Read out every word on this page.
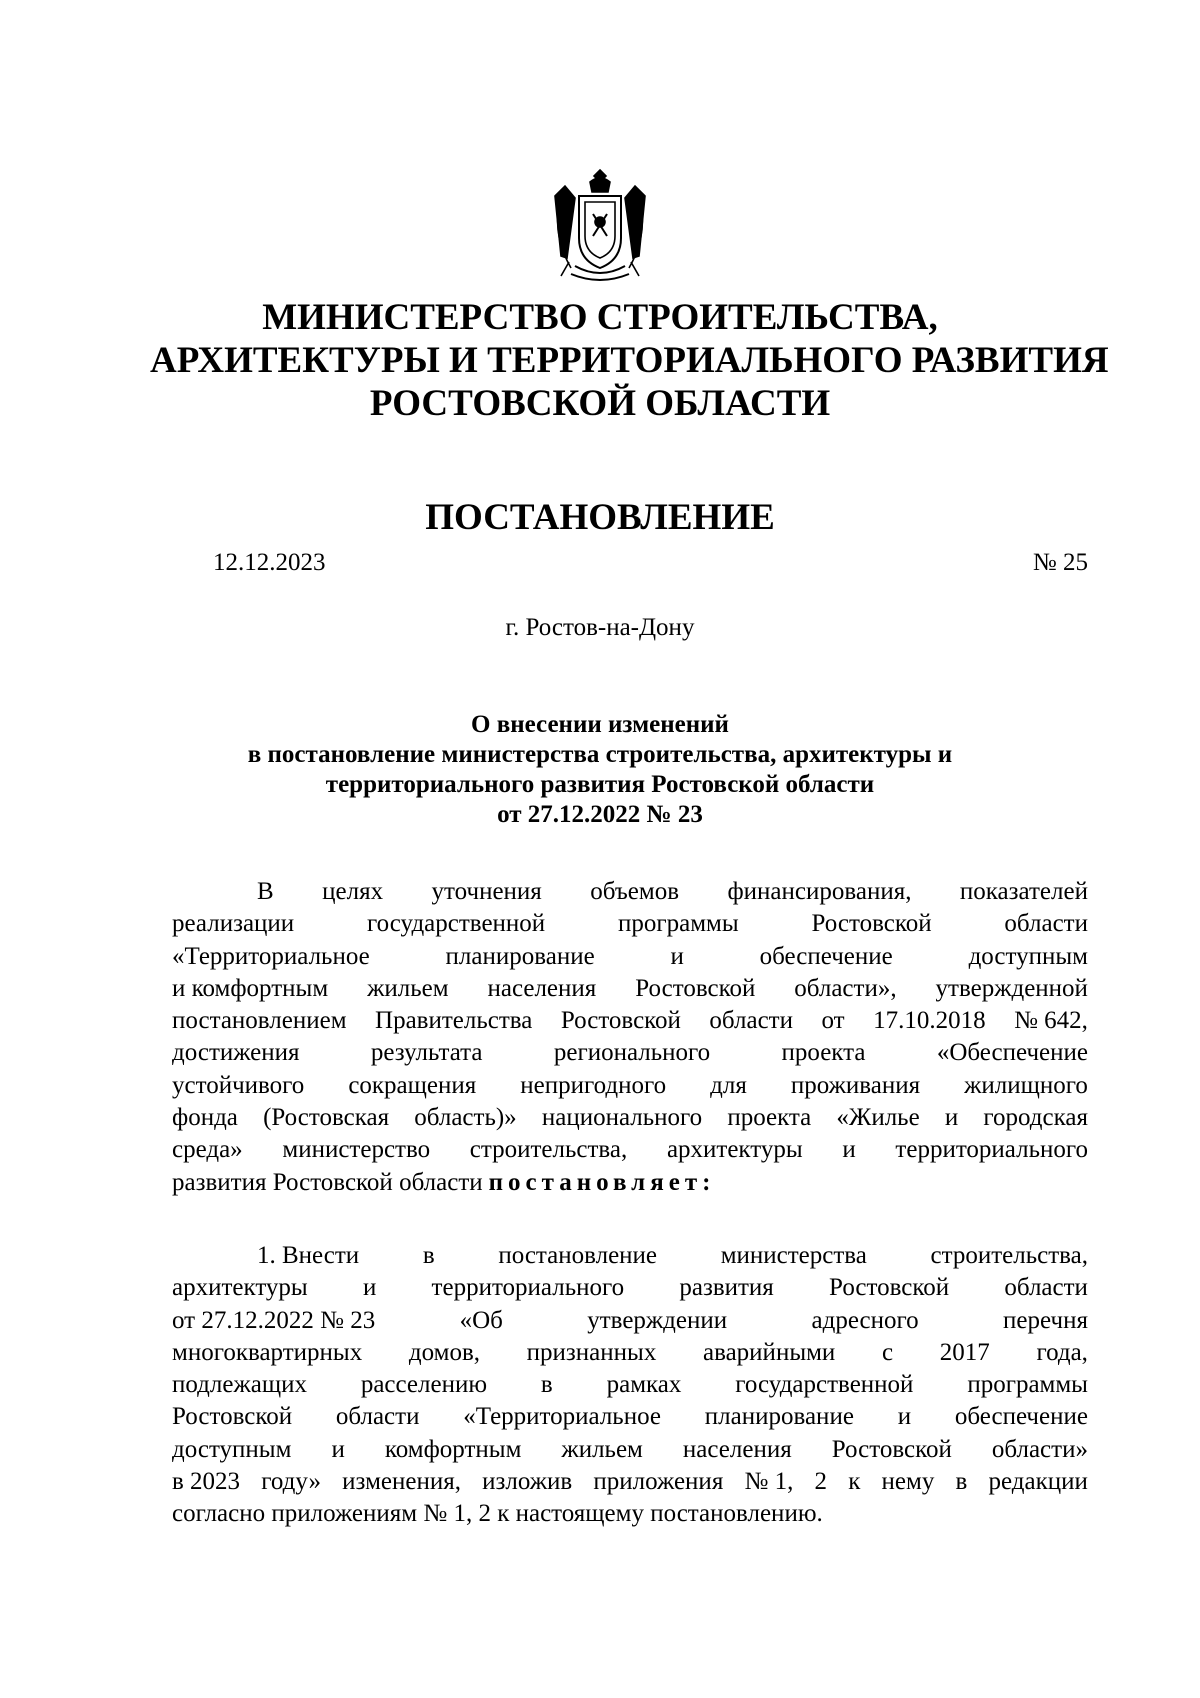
МИНИСТЕРСТВО СТРОИТЕЛЬСТВА,
АРХИТЕКТУРЫ И ТЕРРИТОРИАЛЬНОГО РАЗВИТИЯ
РОСТОВСКОЙ ОБЛАСТИ
ПОСТАНОВЛЕНИЕ
12.12.2023	№ 25
г. Ростов-на-Дону
О внесении изменений
в постановление министерства строительства, архитектуры и
территориального развития Ростовской области
от 27.12.2022 № 23
В целях уточнения объемов финансирования, показателей
реализации	государственной	программы	Ростовской	области
«Территориальное	планирование	и	обеспечение	доступным
и комфортным жильем населения Ростовской области», утвержденной
постановлением Правительства Ростовской области от 17.10.2018 № 642,
достижения	результата	регионального	проекта	«Обеспечение
устойчивого сокращения непригодного для проживания жилищного
фонда (Ростовская область)» национального проекта «Жилье и городская
среда» министерство строительства, архитектуры и территориального
развития Ростовской области постановляет:
1. Внести	в	постановление	министерства	строительства,
архитектуры и территориального развития Ростовской области
от 27.12.2022 № 23	«Об	утверждении	адресного	перечня
многоквартирных домов, признанных аварийными с 2017 года,
подлежащих расселению в рамках государственной программы
Ростовской области «Территориальное планирование и обеспечение
доступным и комфортным жильем населения Ростовской области»
в 2023 году» изменения, изложив приложения № 1, 2 к нему в редакции
согласно приложениям № 1, 2 к настоящему постановлению.
